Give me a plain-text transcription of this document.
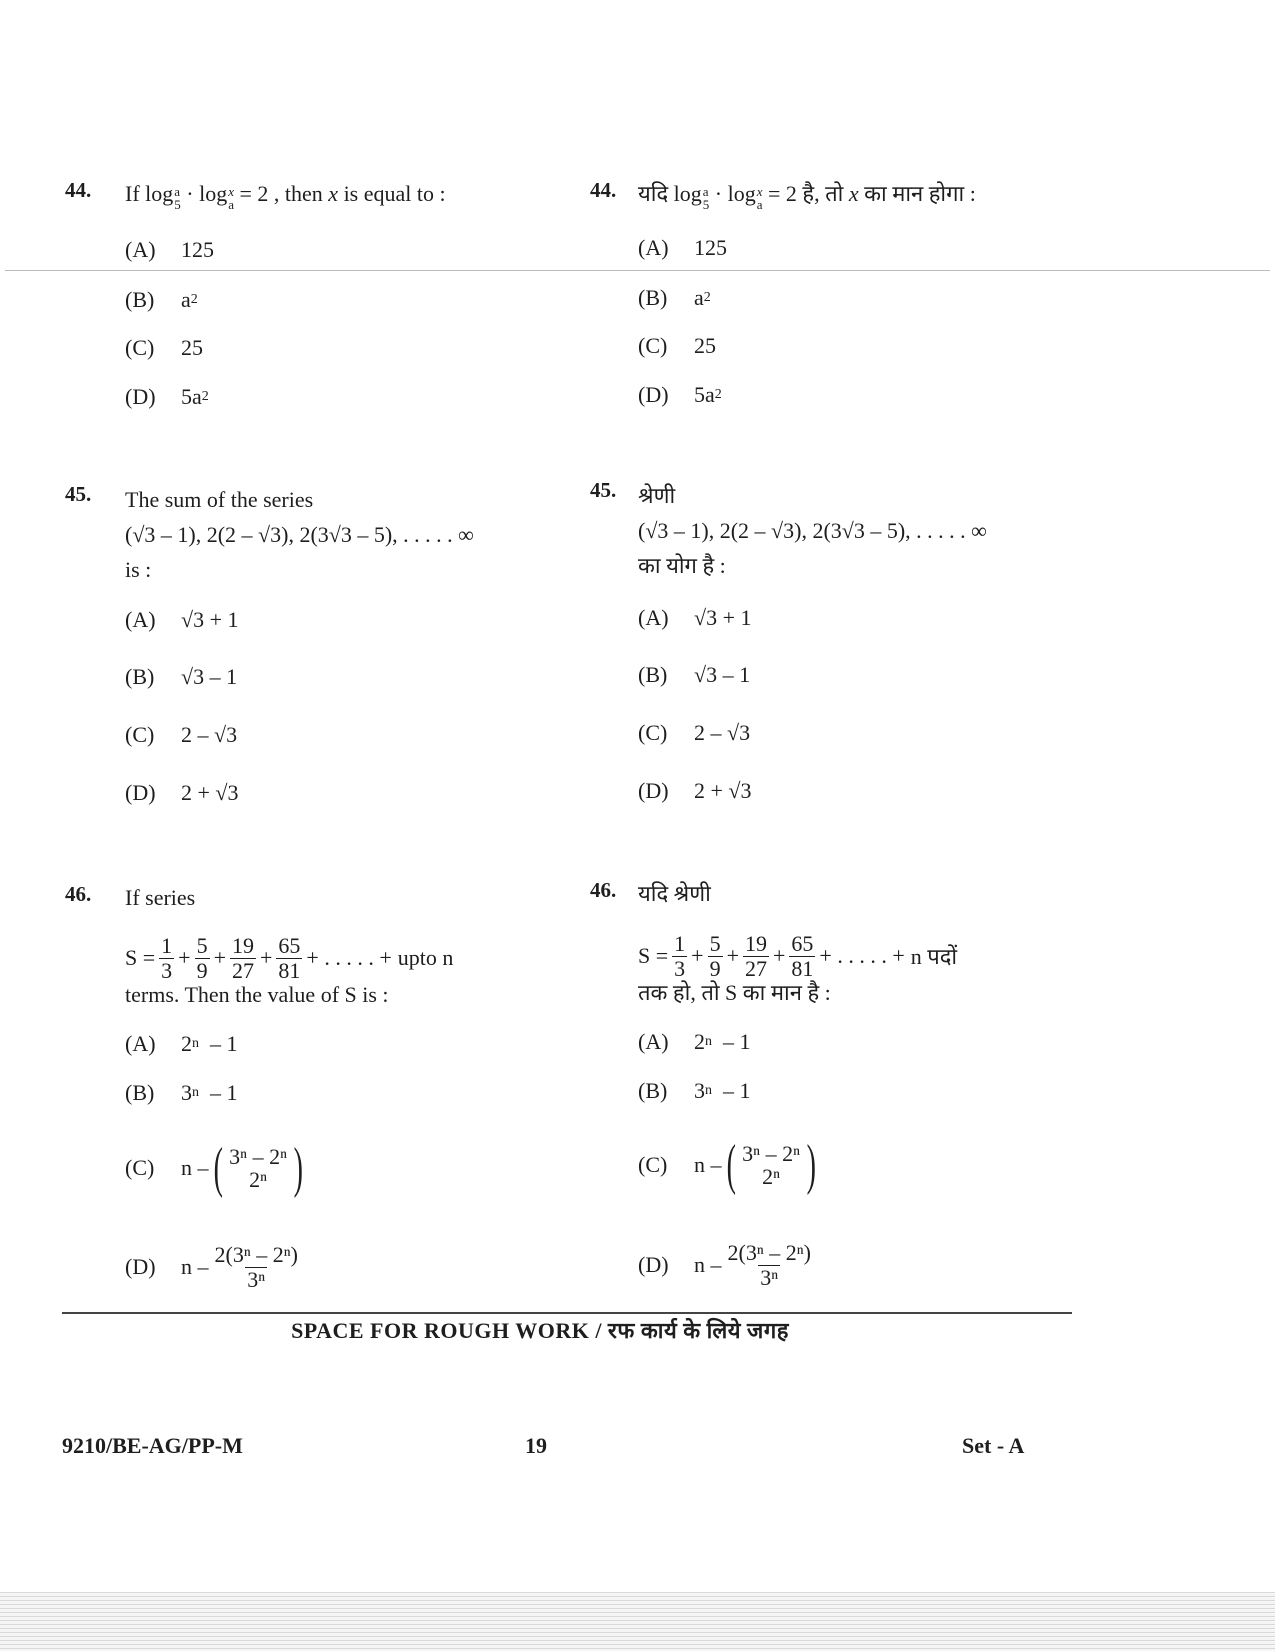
44. If log a
5 · log x
a = 2 , then x is equal to :
(A)	125
(B)	a 2
(C)	25
(D)	5a 2
45. The sum of the series
(√3 – 1), 2(2 – √3), 2(3√3 – 5), . . . . . ∞
is :
(A)	√3 + 1
(B)	√3 – 1
(C)	2 – √3
(D)	2 + √3
46. If series
$S = \frac{1}{3} + \frac{5}{9} + \frac{19}{27} + \frac{65}{81}$ + . . . . . + upto n
terms. Then the value of S is :
(A)	2 n
– 1
(B)	3 n
– 1
(C)	n – ( 3ⁿ – 2ⁿ
2ⁿ )
(D)	n – $\frac{\text{2(3ⁿ – 2ⁿ)}}{\text{3ⁿ}}$
44. यदि log a
5 · log x
a = 2 है, तो x का मान होगा :
(A)	125
(B)	a 2
(C)	25
(D)	5a 2
45. श्रेणी
(√3 – 1), 2(2 – √3), 2(3√3 – 5), . . . . . ∞
का योग है :
(A)	√3 + 1
(B)	√3 – 1
(C)	2 – √3
(D)	2 + √3
46. यदि श्रेणी
$S = \frac{1}{3} + \frac{5}{9} + \frac{19}{27} + \frac{65}{81}$ + . . . . . + n पदों
तक हो, तो S का मान है :
(A)	2 n
– 1
(B)	3 n
– 1
(C)	n – ( 3ⁿ – 2ⁿ
2ⁿ )
(D)	n – $\frac{\text{2(3ⁿ – 2ⁿ)}}{\text{3ⁿ}}$
SPACE FOR ROUGH WORK / रफ कार्य के लिये जगह
9210/BE-AG/PP-M	19	Set - A
